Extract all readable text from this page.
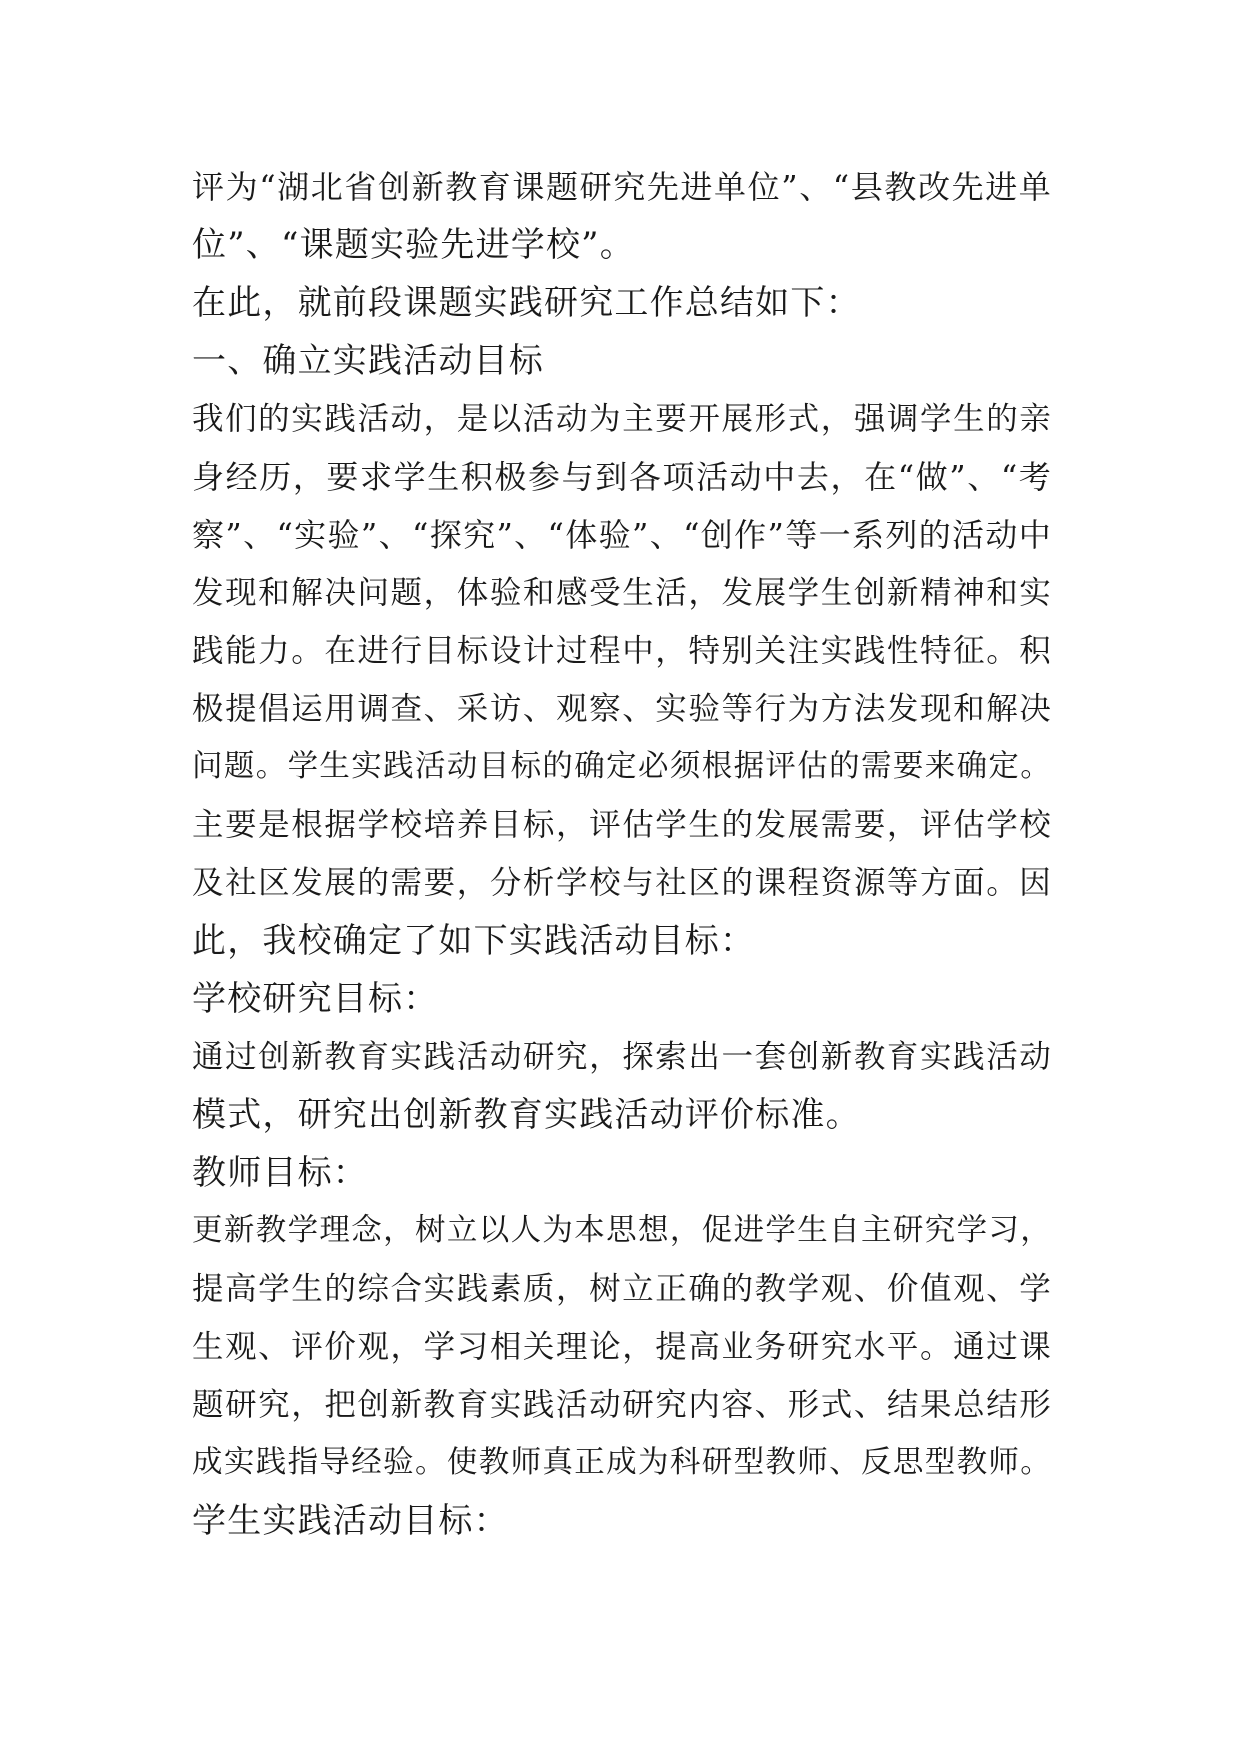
评为“湖北省创新教育课题研究先进单位”、“县教改先进单
位”、“课题实验先进学校”。
在此，就前段课题实践研究工作总结如下：
一、确立实践活动目标
我们的实践活动，是以活动为主要开展形式，强调学生的亲
身经历，要求学生积极参与到各项活动中去，在“做”、“考
察”、“实验”、“探究”、“体验”、“创作”等一系列的活动中
发现和解决问题，体验和感受生活，发展学生创新精神和实
践能力。在进行目标设计过程中，特别关注实践性特征。积
极提倡运用调查、采访、观察、实验等行为方法发现和解决
问题。学生实践活动目标的确定必须根据评估的需要来确定。
主要是根据学校培养目标，评估学生的发展需要，评估学校
及社区发展的需要，分析学校与社区的课程资源等方面。因
此，我校确定了如下实践活动目标：
学校研究目标：
通过创新教育实践活动研究，探索出一套创新教育实践活动
模式，研究出创新教育实践活动评价标准。
教师目标：
更新教学理念，树立以人为本思想，促进学生自主研究学习，
提高学生的综合实践素质，树立正确的教学观、价值观、学
生观、评价观，学习相关理论，提高业务研究水平。通过课
题研究，把创新教育实践活动研究内容、形式、结果总结形
成实践指导经验。使教师真正成为科研型教师、反思型教师。
学生实践活动目标：
